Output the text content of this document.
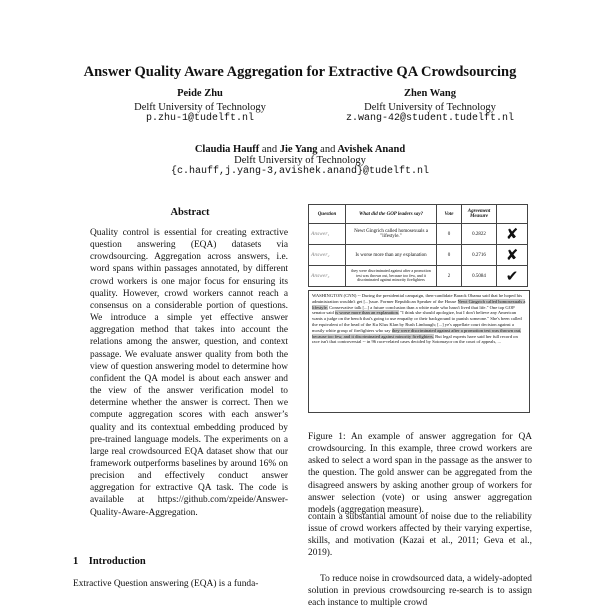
Answer Quality Aware Aggregation for Extractive QA Crowdsourcing
Peide Zhu
Delft University of Technology
p.zhu-1@tudelft.nl
Zhen Wang
Delft University of Technology
z.wang-42@student.tudelft.nl
Claudia Hauff and Jie Yang and Avishek Anand
Delft University of Technology
{c.hauff,j.yang-3,avishek.anand}@tudelft.nl
Abstract
Quality control is essential for creating extractive question answering (EQA) datasets via crowdsourcing. Aggregation across answers, i.e. word spans within passages annotated, by different crowd workers is one major focus for ensuring its quality. However, crowd workers cannot reach a consensus on a considerable portion of questions. We introduce a simple yet effective answer aggregation method that takes into account the relations among the answer, question, and context passage. We evaluate answer quality from both the view of question answering model to determine how confident the QA model is about each answer and the view of the answer verification model to determine whether the answer is correct. Then we compute aggregation scores with each answer’s quality and its contextual embedding produced by pre-trained language models. The experiments on a large real crowdsourced EQA dataset show that our framework outperforms baselines by around 16% on precision and effectively conduct answer aggregation for extractive QA task. The code is available at https://github.com/zpeide/Answer-Quality-Aware-Aggregation.
1 Introduction
Extractive Question answering (EQA) is a funda-
Question	What did the GOP leaders say?	Vote	Agreement Measure	
Answer₁	Newt Gingrich called homosexuals a "lifestyle."	0	0.2822	✘
Answer₂	Is worse more than any explanation	0	0.2716	✘
Answer₃	they were discriminated against after a promotion test was thrown out, because too few, and it discriminated against minority firefighters	2	0.5084	✔
WASHINGTON (CNN) -- During the presidential campaign, then-candidate Barack Obama said that he hoped his administration wouldn't get [...]ssue. Former Republican Speaker of the House Newt Gingrich called homosexuals a lifestyle. Conservative talk [...] a future conclusion than a white male who hasn't lived that life." One top GOP senator said is worse more than an explanation. "I think she should apologize, but I don't believe any American wants a judge on the bench that's going to use empathy or their background to punish someone." She's been called the equivalent of the head of the Ku Klux Klan by Rush Limbaugh; [...] ye's appellate court decision against a mostly white group of firefighters who say they were discriminated against after a promotion test was thrown out, because too few, and it discriminated against minority firefighters. But legal experts have said her full record on race isn't that controversial -- in 96 race-related cases decided by Sotomayor on the court of appeals, ...
Figure 1: An example of answer aggregation for QA crowdsourcing. In this example, three crowd workers are asked to select a word span in the passage as the answer to the question. The gold answer can be aggregated from the disagreed answers by asking another group of workers for answer selection (vote) or using answer aggregation models (aggregation measure).
contain a substantial amount of noise due to the reliability issue of crowd workers affected by their varying expertise, skills, and motivation (Kazai et al., 2011; Geva et al., 2019).
To reduce noise in crowdsourced data, a widely-adopted solution in previous crowdsourcing re-search is to assign each instance to multiple crowd
